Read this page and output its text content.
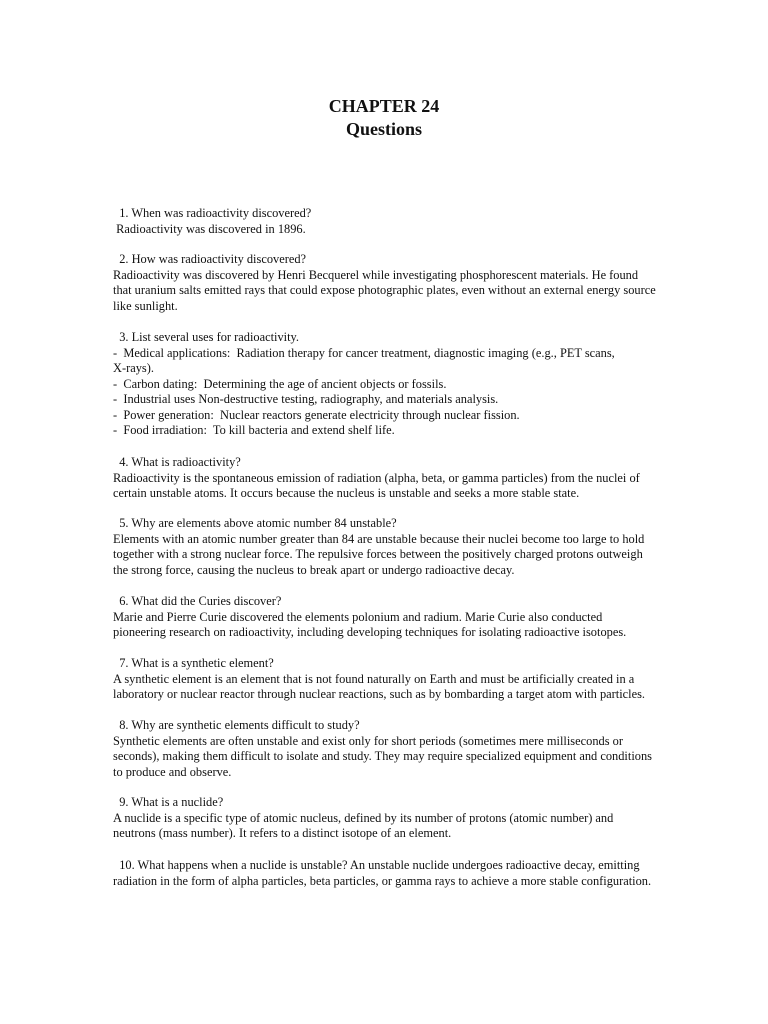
CHAPTER 24
Questions
1. When was radioactivity discovered?
Radioactivity was discovered in 1896.
2. How was radioactivity discovered?
Radioactivity was discovered by Henri Becquerel while investigating phosphorescent materials. He found that uranium salts emitted rays that could expose photographic plates, even without an external energy source like sunlight.
3. List several uses for radioactivity.
-  Medical applications:  Radiation therapy for cancer treatment, diagnostic imaging (e.g., PET scans,
X-rays).
-  Carbon dating:  Determining the age of ancient objects or fossils.
-  Industrial uses Non-destructive testing, radiography, and materials analysis.
-  Power generation:  Nuclear reactors generate electricity through nuclear fission.
-  Food irradiation:  To kill bacteria and extend shelf life.
4. What is radioactivity?
Radioactivity is the spontaneous emission of radiation (alpha, beta, or gamma particles) from the nuclei of certain unstable atoms. It occurs because the nucleus is unstable and seeks a more stable state.
5. Why are elements above atomic number 84 unstable?
Elements with an atomic number greater than 84 are unstable because their nuclei become too large to hold together with a strong nuclear force. The repulsive forces between the positively charged protons outweigh the strong force, causing the nucleus to break apart or undergo radioactive decay.
6. What did the Curies discover?
Marie and Pierre Curie discovered the elements polonium and radium. Marie Curie also conducted pioneering research on radioactivity, including developing techniques for isolating radioactive isotopes.
7. What is a synthetic element?
A synthetic element is an element that is not found naturally on Earth and must be artificially created in a laboratory or nuclear reactor through nuclear reactions, such as by bombarding a target atom with particles.
8. Why are synthetic elements difficult to study?
Synthetic elements are often unstable and exist only for short periods (sometimes mere milliseconds or seconds), making them difficult to isolate and study. They may require specialized equipment and conditions to produce and observe.
9. What is a nuclide?
A nuclide is a specific type of atomic nucleus, defined by its number of protons (atomic number) and neutrons (mass number). It refers to a distinct isotope of an element.
10. What happens when a nuclide is unstable? An unstable nuclide undergoes radioactive decay, emitting radiation in the form of alpha particles, beta particles, or gamma rays to achieve a more stable configuration.
